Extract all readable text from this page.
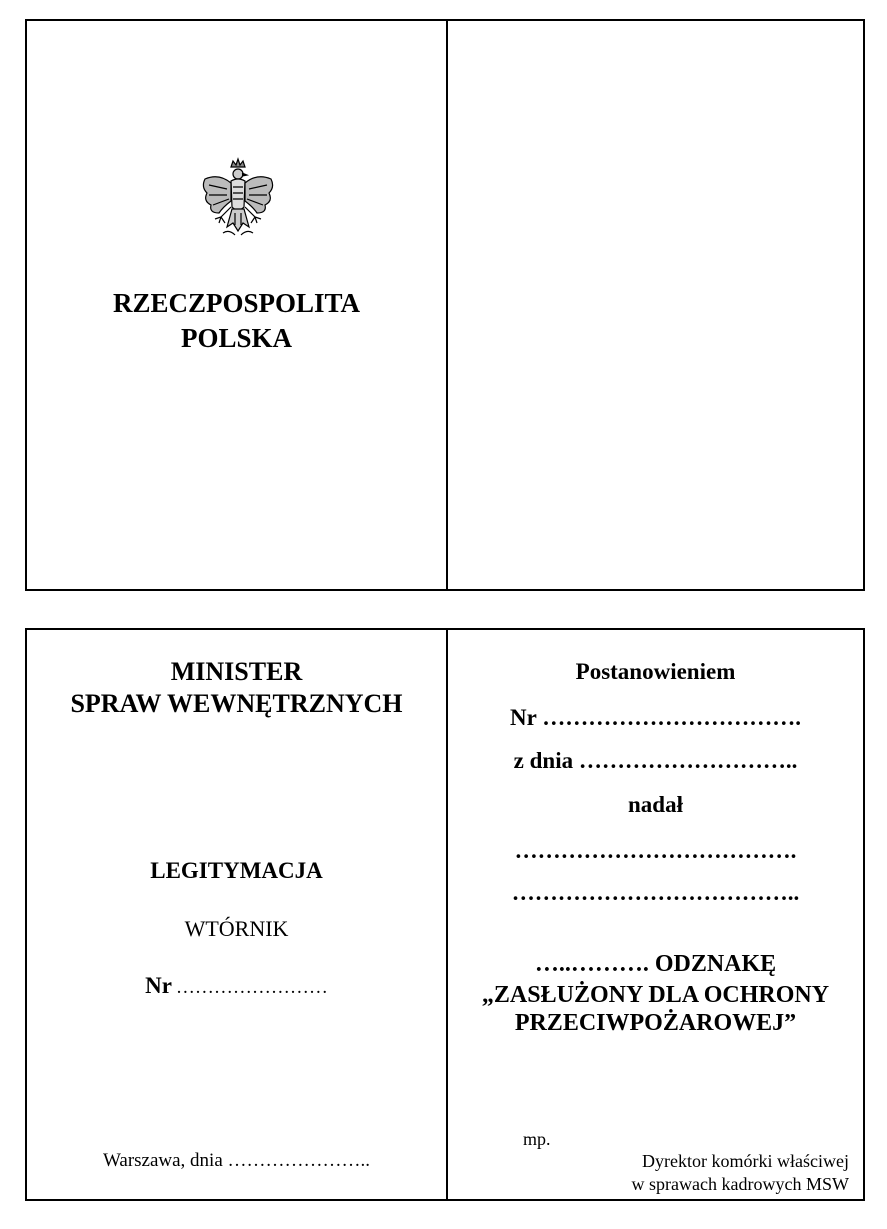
RZECZPOSPOLITA
POLSKA
MINISTER
SPRAW WEWNĘTRZNYCH
LEGITYMACJA
WTÓRNIK
Nr ……………………
Warszawa, dnia …………………..
Postanowieniem
Nr …………………………….
z dnia ………………………..
nadał
……………………………….
………………………………..
…..………. ODZNAKĘ
„ZASŁUŻONY DLA OCHRONY
PRZECIWPOŻAROWEJ”
mp.
Dyrektor komórki właściwej
w sprawach kadrowych MSW
